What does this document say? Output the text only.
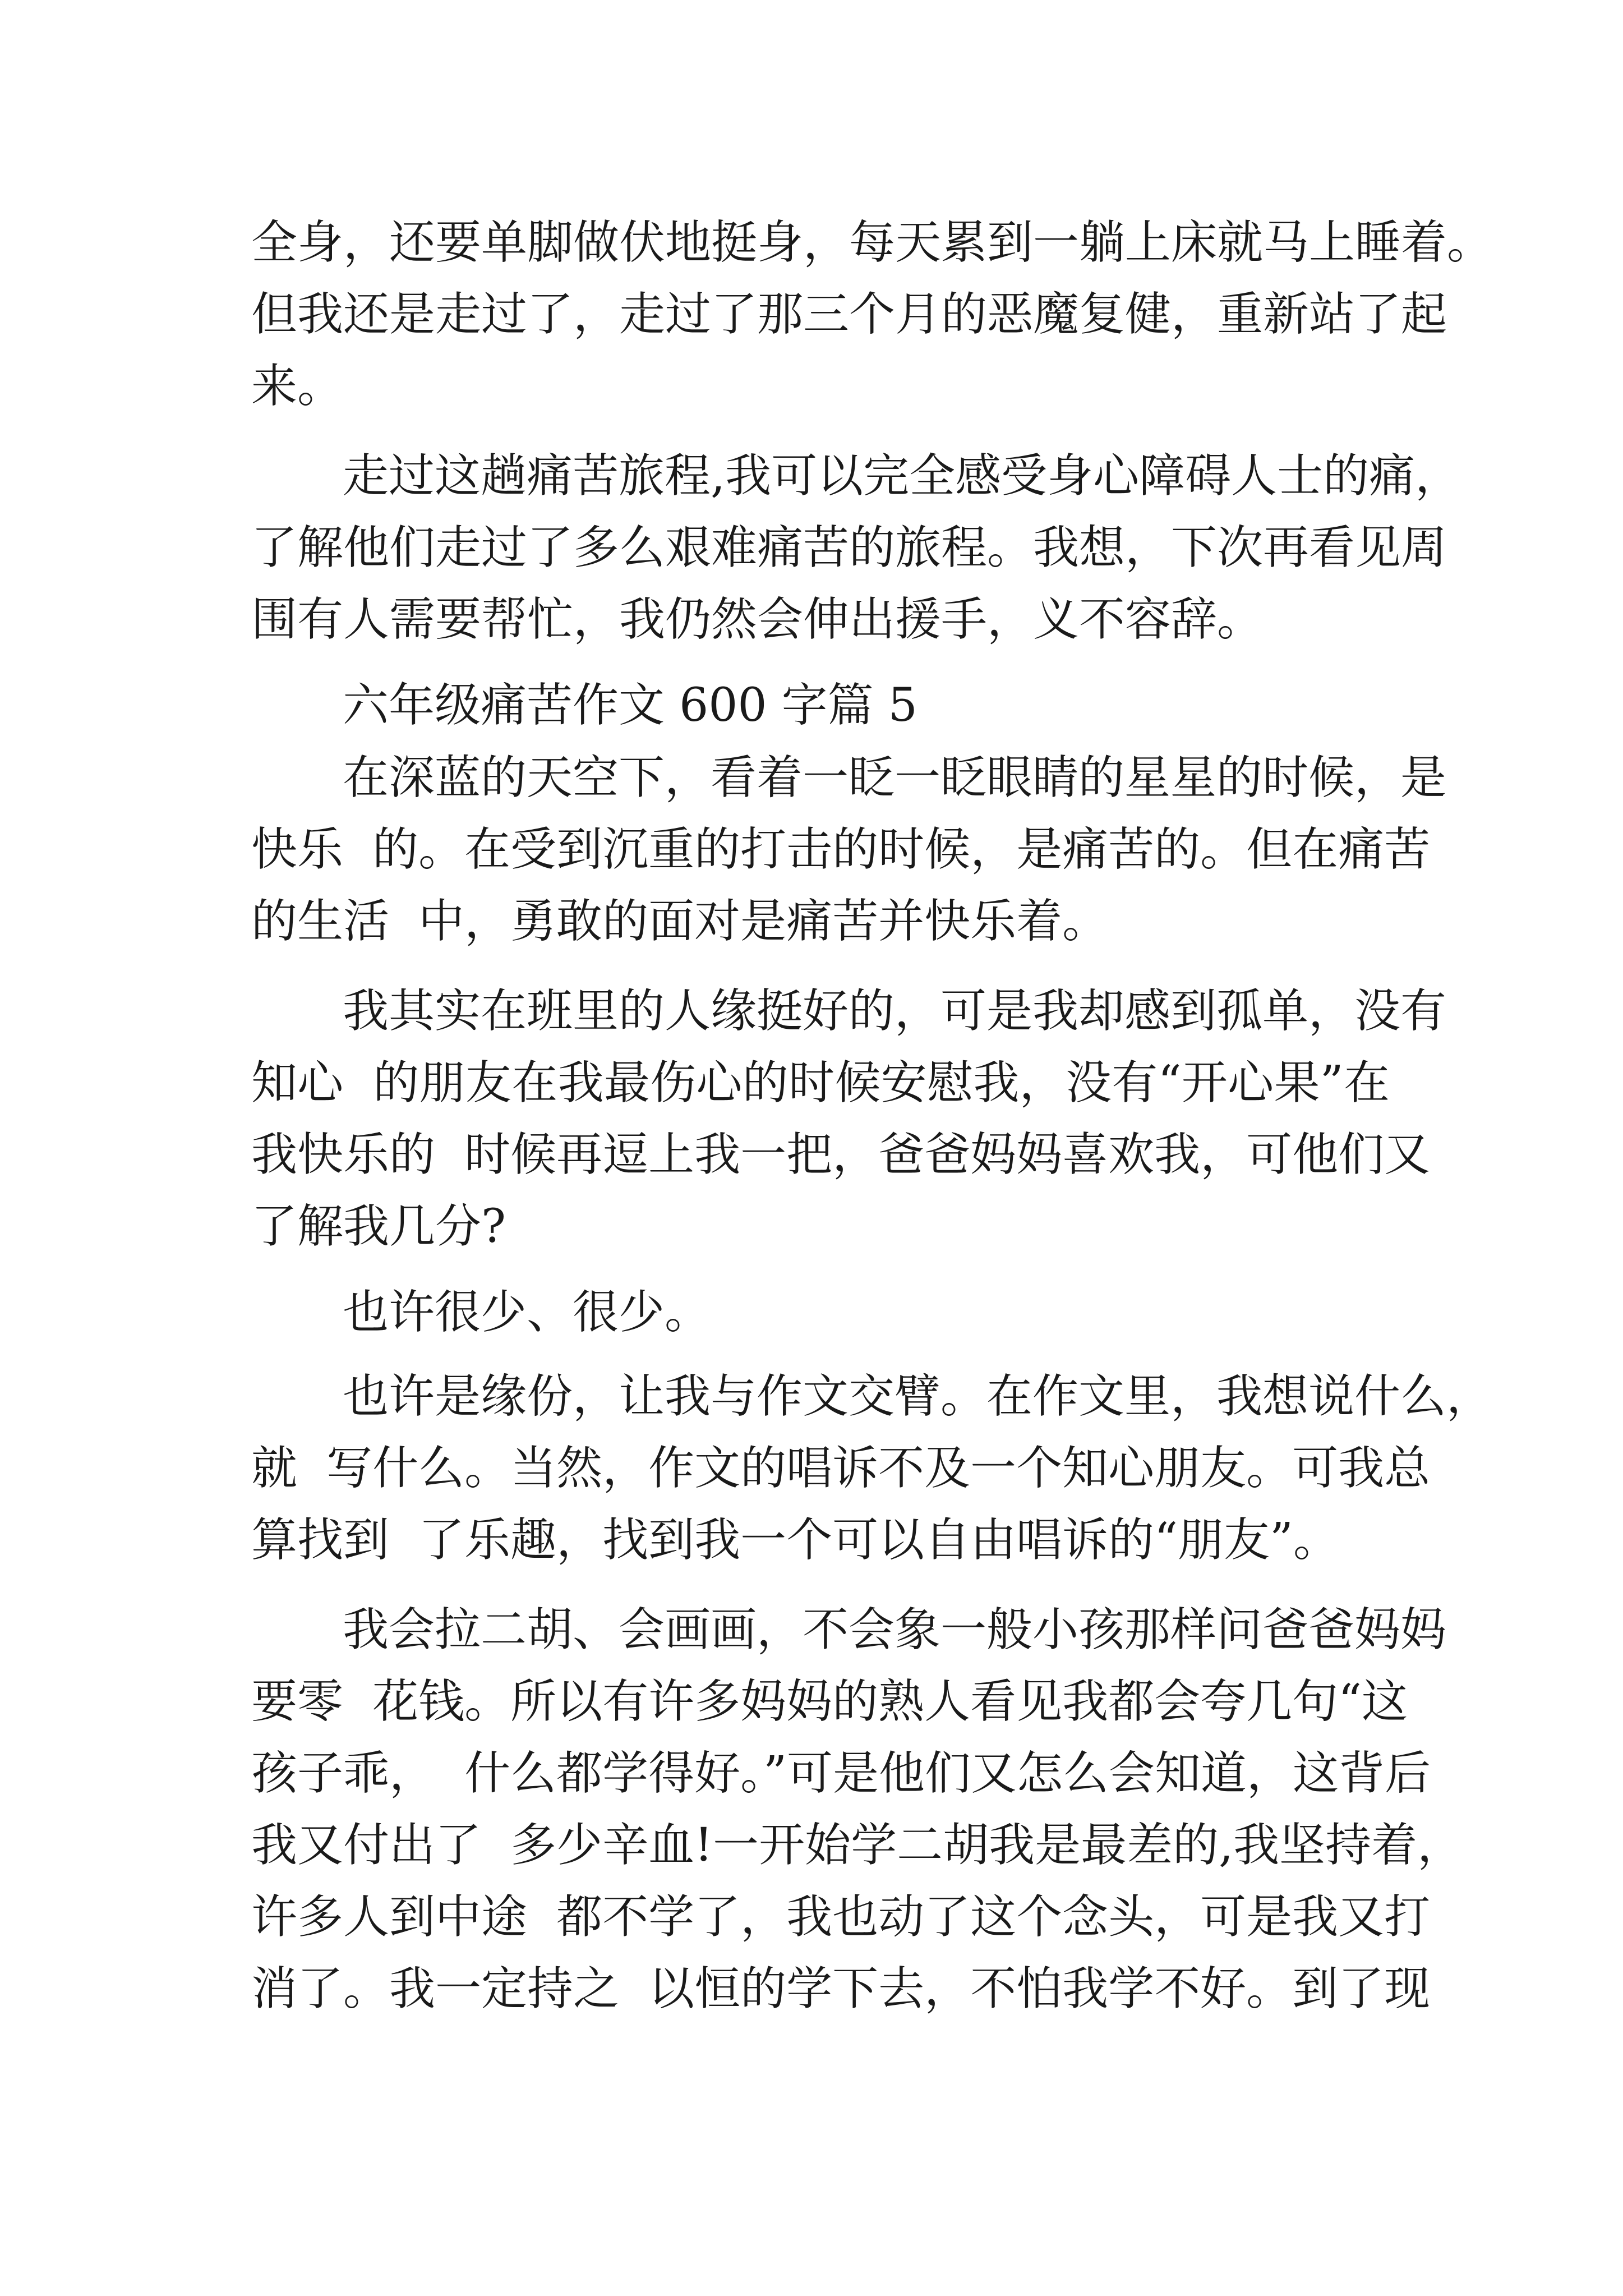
全身，还要单脚做伏地挺身，每天累到一躺上床就马上睡着。
但我还是走过了，走过了那三个月的恶魔复健，重新站了起
来。
走过这趟痛苦旅程,我可以完全感受身心障碍人士的痛，
了解他们走过了多么艰难痛苦的旅程。我想，下次再看见周
围有人需要帮忙，我仍然会伸出援手，义不容辞。
六年级痛苦作文 600 字篇 5
在深蓝的天空下，看着一眨一眨眼睛的星星的时候，是
快乐  的。在受到沉重的打击的时候，是痛苦的。但在痛苦
的生活  中，勇敢的面对是痛苦并快乐着。
我其实在班里的人缘挺好的，可是我却感到孤单，没有
知心  的朋友在我最伤心的时候安慰我，没有“开心果”在
我快乐的  时候再逗上我一把，爸爸妈妈喜欢我，可他们又
了解我几分?
也许很少、很少。
也许是缘份，让我与作文交臂。在作文里，我想说什么，
就  写什么。当然，作文的唱诉不及一个知心朋友。可我总
算找到  了乐趣，找到我一个可以自由唱诉的“朋友”。
我会拉二胡、会画画，不会象一般小孩那样问爸爸妈妈
要零  花钱。所以有许多妈妈的熟人看见我都会夸几句“这
孩子乖，  什么都学得好。”可是他们又怎么会知道，这背后
我又付出了  多少辛血!一开始学二胡我是最差的,我坚持着，
许多人到中途  都不学了，我也动了这个念头，可是我又打
消了。我一定持之  以恒的学下去，不怕我学不好。到了现
